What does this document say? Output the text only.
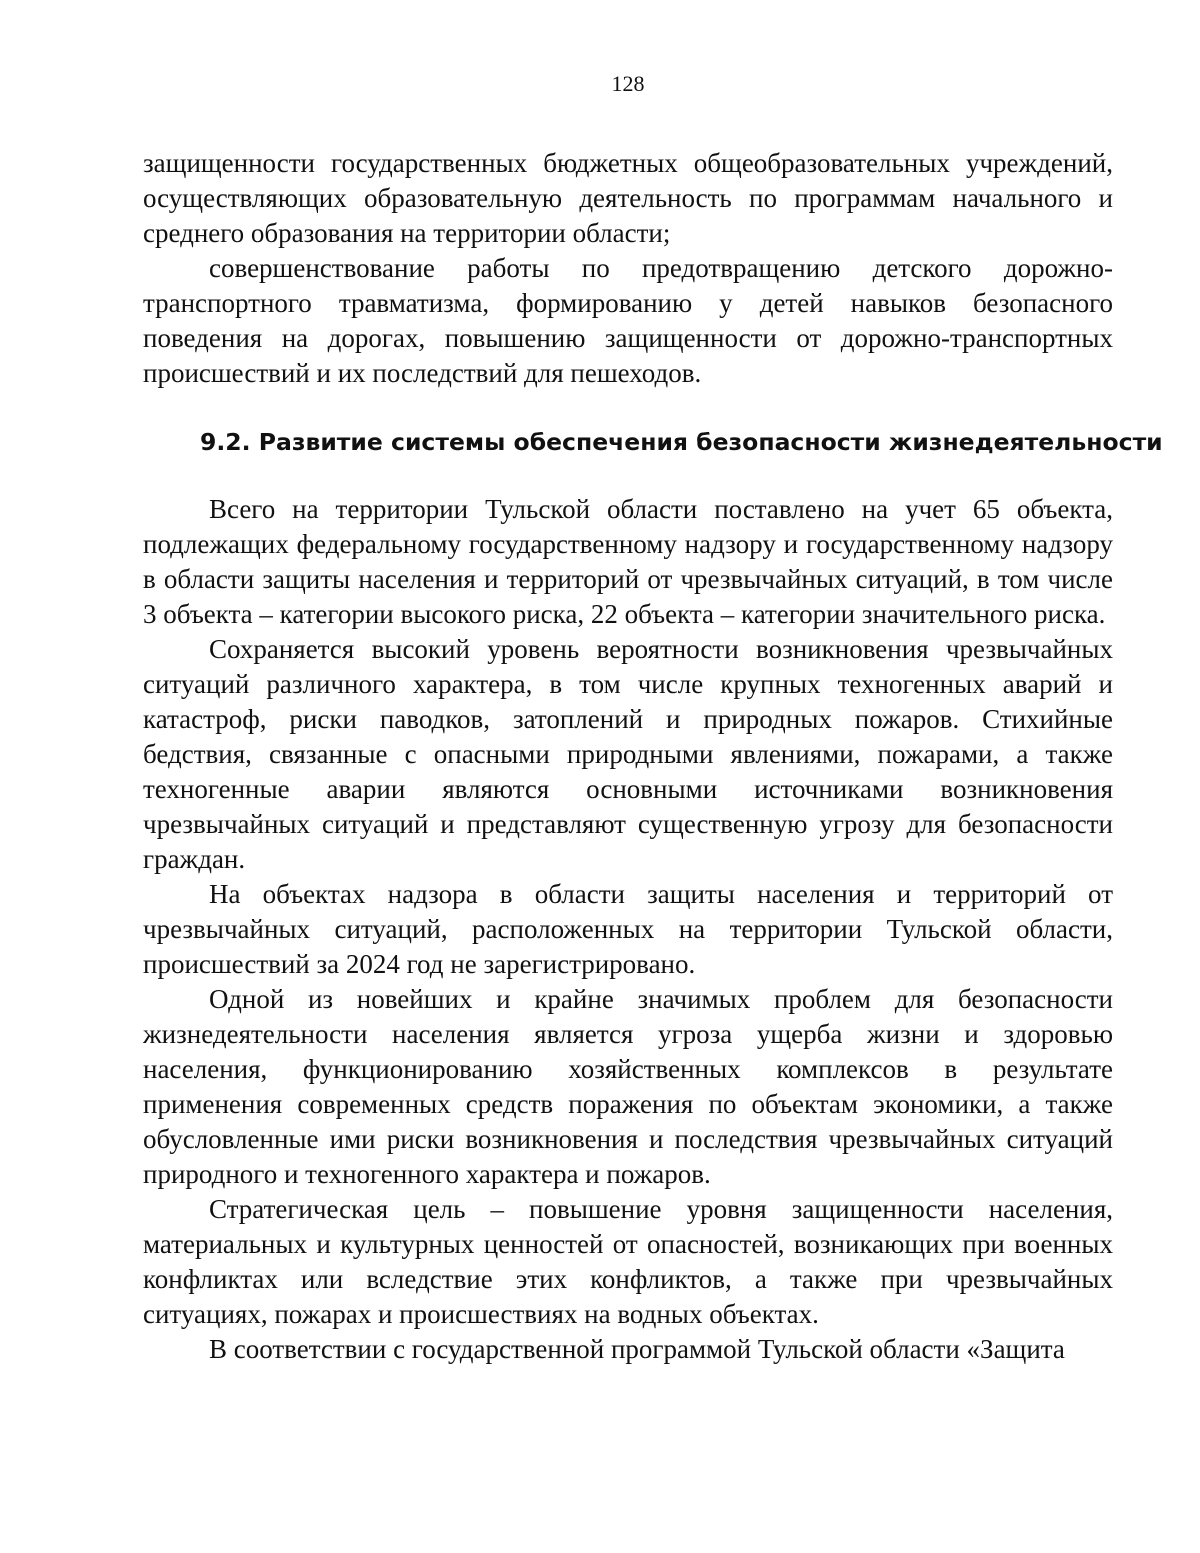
128

защищенности государственных бюджетных общеобразовательных учреждений, осуществляющих образовательную деятельность по программам начального и среднего образования на территории области;

совершенствование работы по предотвращению детского дорожно-транспортного травматизма, формированию у детей навыков безопасного поведения на дорогах, повышению защищенности от дорожно-транспортных происшествий и их последствий для пешеходов.

9.2. Развитие системы обеспечения безопасности жизнедеятельности

Всего на территории Тульской области поставлено на учет 65 объекта, подлежащих федеральному государственному надзору и государственному надзору в области защиты населения и территорий от чрезвычайных ситуаций, в том числе 3 объекта – категории высокого риска, 22 объекта – категории значительного риска.

Сохраняется высокий уровень вероятности возникновения чрезвычайных ситуаций различного характера, в том числе крупных техногенных аварий и катастроф, риски паводков, затоплений и природных пожаров. Стихийные бедствия, связанные с опасными природными явлениями, пожарами, а также техногенные аварии являются основными источниками возникновения чрезвычайных ситуаций и представляют существенную угрозу для безопасности граждан.

На объектах надзора в области защиты населения и территорий от чрезвычайных ситуаций, расположенных на территории Тульской области, происшествий за 2024 год не зарегистрировано.

Одной из новейших и крайне значимых проблем для безопасности жизнедеятельности населения является угроза ущерба жизни и здоровью населения, функционированию хозяйственных комплексов в результате применения современных средств поражения по объектам экономики, а также обусловленные ими риски возникновения и последствия чрезвычайных ситуаций природного и техногенного характера и пожаров.

Стратегическая цель – повышение уровня защищенности населения, материальных и культурных ценностей от опасностей, возникающих при военных конфликтах или вследствие этих конфликтов, а также при чрезвычайных ситуациях, пожарах и происшествиях на водных объектах.

В соответствии с государственной программой Тульской области «Защита
